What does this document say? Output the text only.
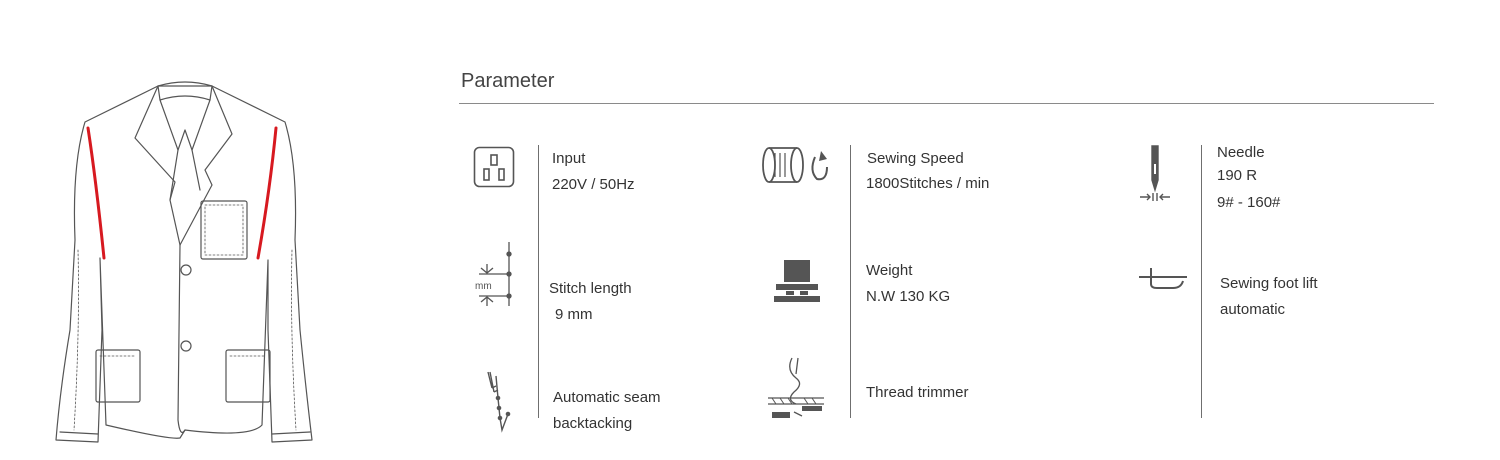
Parameter
Input
220V / 50Hz
Sewing Speed
1800Stitches / min
Needle
190 R
9# - 160#
mm	Stitch length
9 mm
Weight
N.W 130 KG
Sewing foot lift
automatic
Automatic seam
backtacking
Thread trimmer
